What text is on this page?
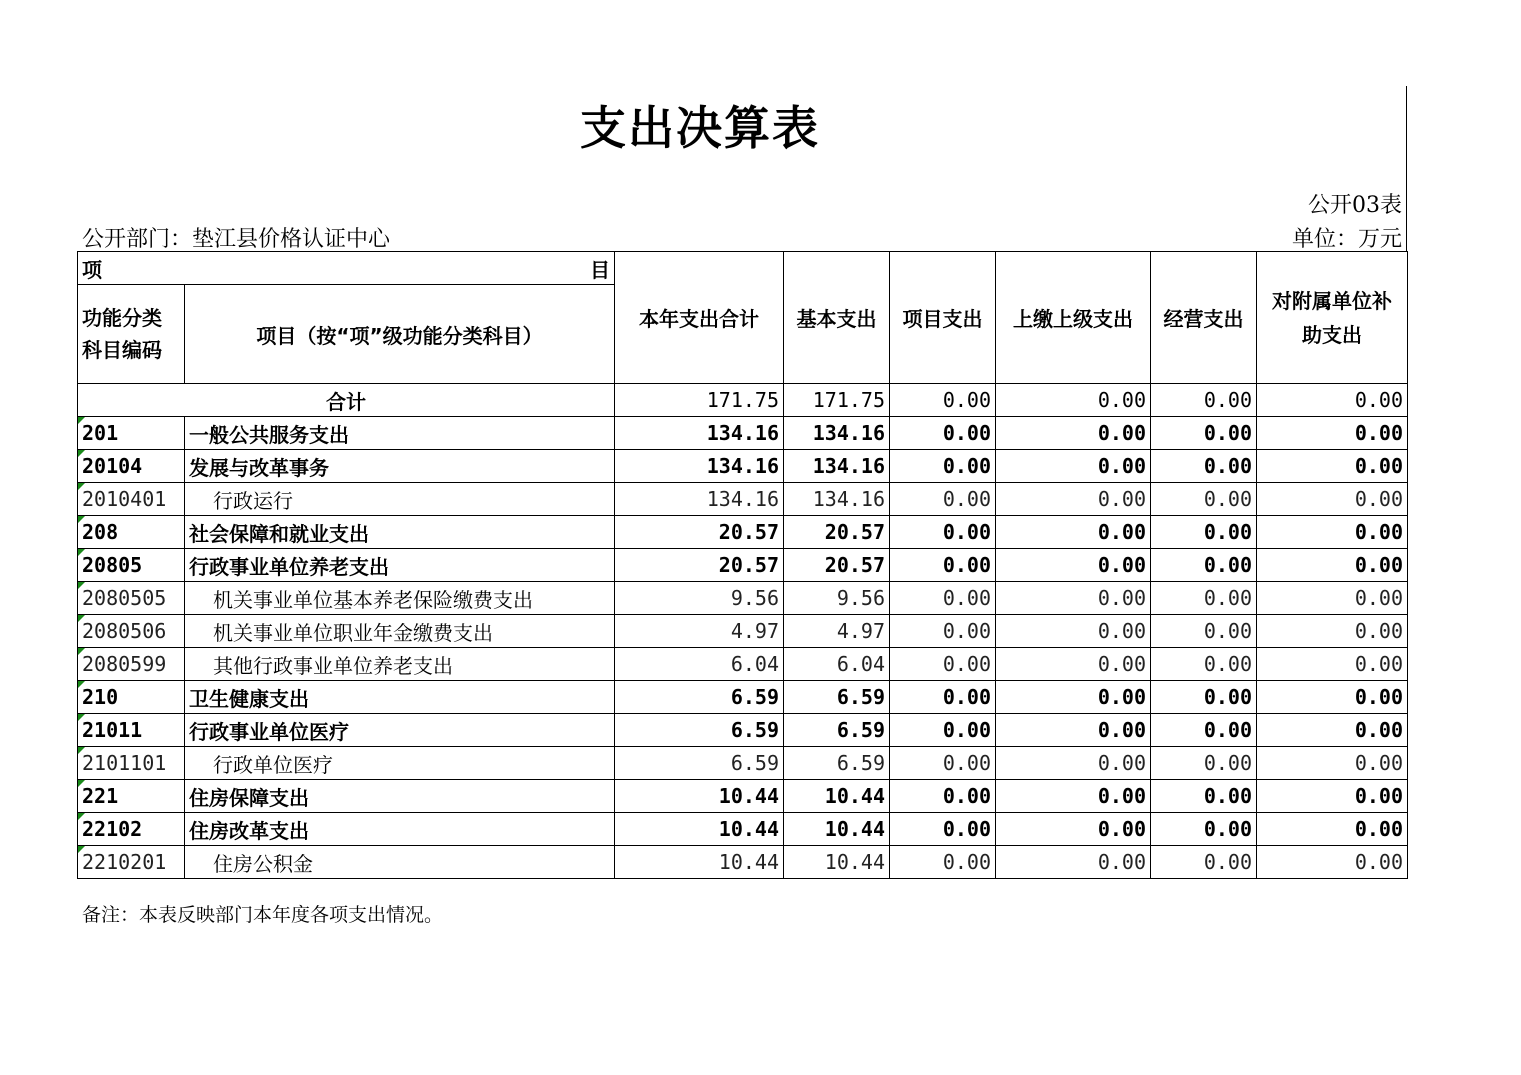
支出决算表
公开03表
公开部门：垫江县价格认证中心	单位：万元
项 目		本年支出合计	基本支出	项目支出	上缴上级支出	经营支出	对附属单位补助支出
功能分类科目编码	项目（按“项”级功能分类科目）						
合计		171.75	171.75	0.00	0.00	0.00	0.00
201	一般公共服务支出	134.16	134.16	0.00	0.00	0.00	0.00
20104	发展与改革事务	134.16	134.16	0.00	0.00	0.00	0.00
2010401	行政运行	134.16	134.16	0.00	0.00	0.00	0.00
208	社会保障和就业支出	20.57	20.57	0.00	0.00	0.00	0.00
20805	行政事业单位养老支出	20.57	20.57	0.00	0.00	0.00	0.00
2080505	机关事业单位基本养老保险缴费支出	9.56	9.56	0.00	0.00	0.00	0.00
2080506	机关事业单位职业年金缴费支出	4.97	4.97	0.00	0.00	0.00	0.00
2080599	其他行政事业单位养老支出	6.04	6.04	0.00	0.00	0.00	0.00
210	卫生健康支出	6.59	6.59	0.00	0.00	0.00	0.00
21011	行政事业单位医疗	6.59	6.59	0.00	0.00	0.00	0.00
2101101	行政单位医疗	6.59	6.59	0.00	0.00	0.00	0.00
221	住房保障支出	10.44	10.44	0.00	0.00	0.00	0.00
22102	住房改革支出	10.44	10.44	0.00	0.00	0.00	0.00
2210201	住房公积金	10.44	10.44	0.00	0.00	0.00	0.00
备注：本表反映部门本年度各项支出情况。
